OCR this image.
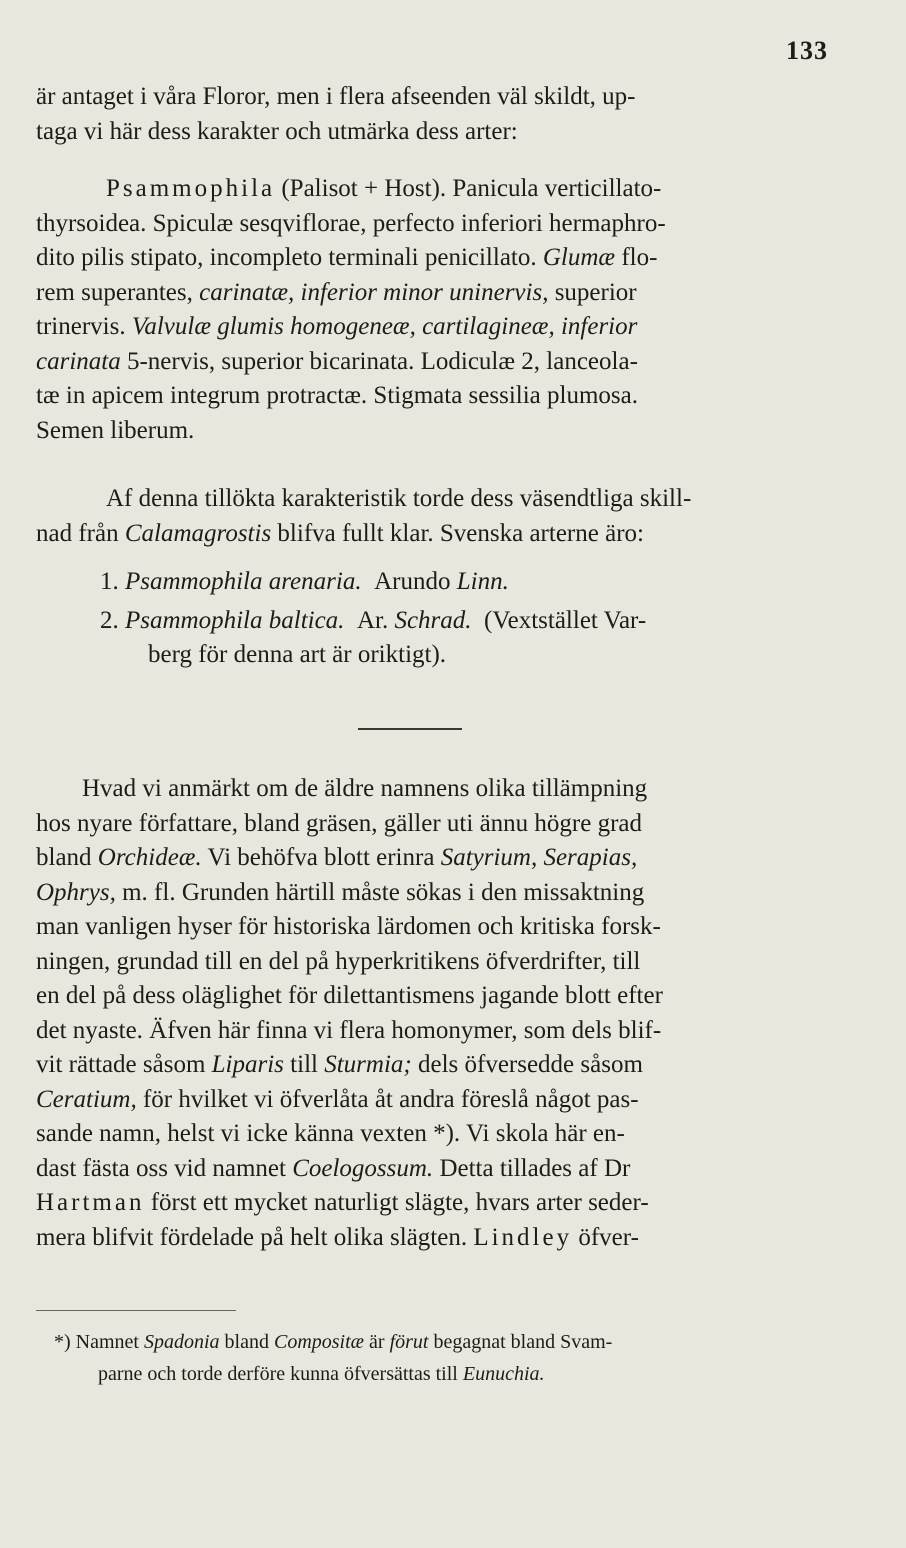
133
är antaget i våra Floror, men i flera afseenden väl skildt, up-
taga vi här dess karakter och utmärka dess arter:
Psammophila (Palisot + Host). Panicula verticillato-
thyrsoidea. Spiculæ sesqviflorae, perfecto inferiori hermaphro-
dito pilis stipato, incompleto terminali penicillato. Glumæ flo-
rem superantes, carinatæ, inferior minor uninervis, superior
trinervis. Valvulæ glumis homogeneæ, cartilagineæ, inferior
carinata 5-nervis, superior bicarinata. Lodiculæ 2, lanceola-
tæ in apicem integrum protractæ. Stigmata sessilia plumosa.
Semen liberum.
Af denna tillökta karakteristik torde dess väsendtliga skill-
nad från Calamagrostis blifva fullt klar. Svenska arterne äro:
1. Psammophila arenaria. Arundo Linn.
2. Psammophila baltica. Ar. Schrad. (Vextstället Var-
berg för denna art är oriktigt).
Hvad vi anmärkt om de äldre namnens olika tillämpning
hos nyare författare, bland gräsen, gäller uti ännu högre grad
bland Orchideæ. Vi behöfva blott erinra Satyrium, Serapias,
Ophrys, m. fl. Grunden härtill måste sökas i den missaktning
man vanligen hyser för historiska lärdomen och kritiska forsk-
ningen, grundad till en del på hyperkritikens öfverdrifter, till
en del på dess oläglighet för dilettantismens jagande blott efter
det nyaste. Äfven här finna vi flera homonymer, som dels blif-
vit rättade såsom Liparis till Sturmia; dels öfversedde såsom
Ceratium, för hvilket vi öfverlåta åt andra föreslå något pas-
sande namn, helst vi icke känna vexten *). Vi skola här en-
dast fästa oss vid namnet Coelogossum. Detta tillades af Dr
Hartman först ett mycket naturligt slägte, hvars arter seder-
mera blifvit fördelade på helt olika slägten. Lindley öfver-
*) Namnet Spadonia bland Compositæ är förut begagnat bland Svam-
parne och torde derföre kunna öfversättas till Eunuchia.
